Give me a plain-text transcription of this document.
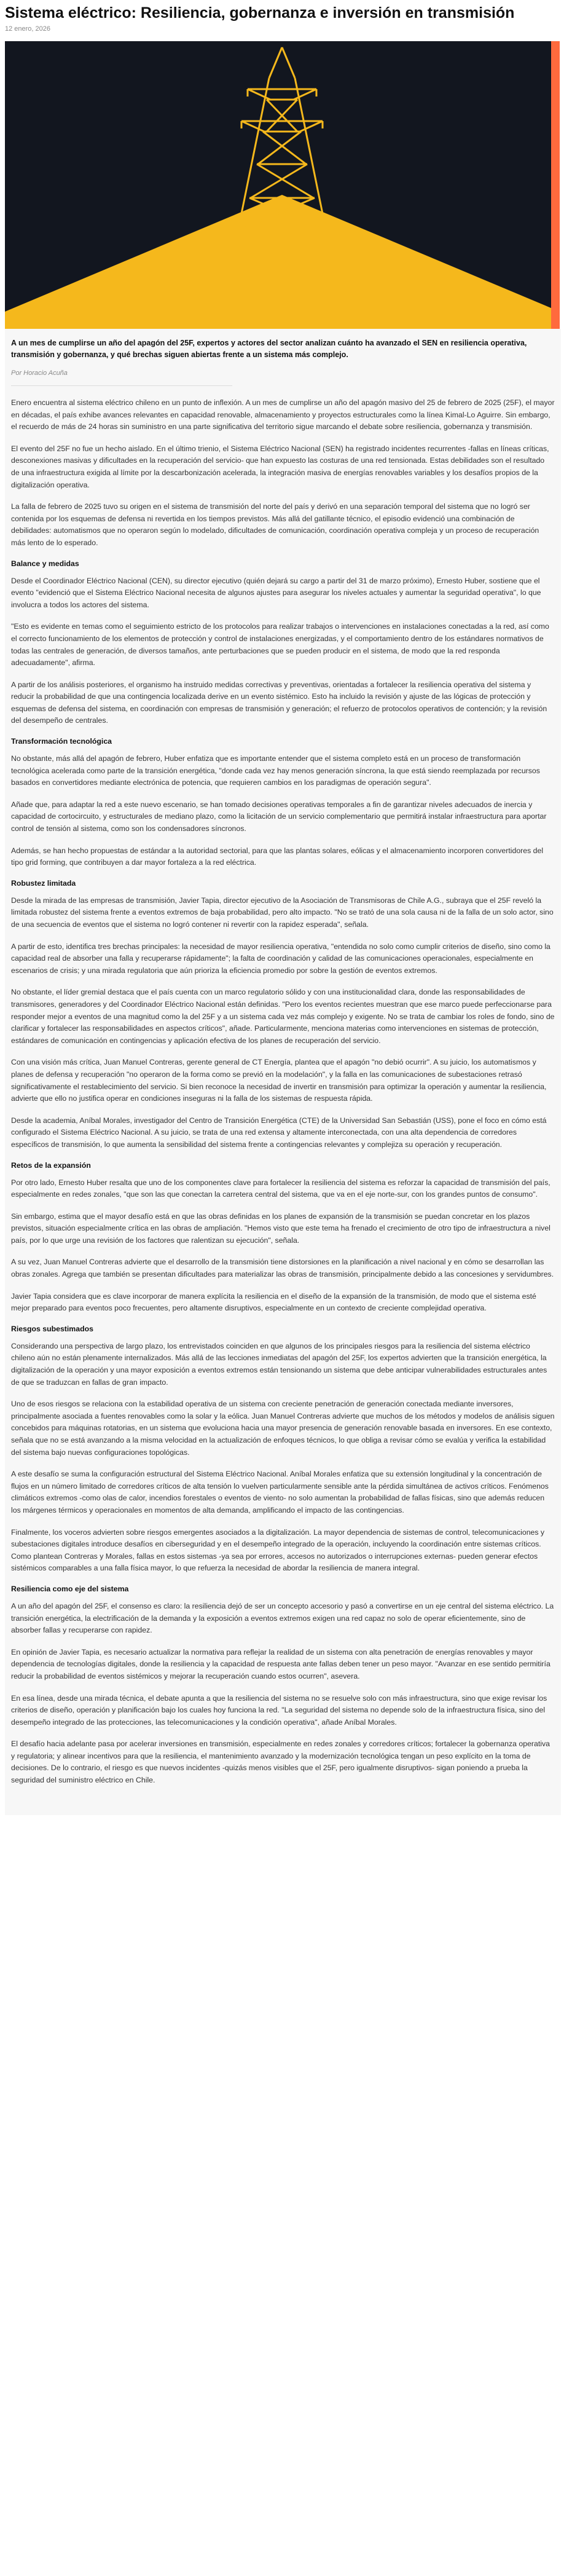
Sistema eléctrico: Resiliencia, gobernanza e inversión en transmisión
12 enero, 2026
A un mes de cumplirse un año del apagón del 25F, expertos y actores del sector analizan cuánto ha avanzado el SEN en resiliencia operativa, transmisión y gobernanza, y qué brechas siguen abiertas frente a un sistema más complejo.
Por Horacio Acuña

Enero encuentra al sistema eléctrico chileno en un punto de inflexión. A un mes de cumplirse un año del apagón masivo del 25 de febrero de 2025 (25F), el mayor en décadas, el país exhibe avances relevantes en capacidad renovable, almacenamiento y proyectos estructurales como la línea Kimal-Lo Aguirre. Sin embargo, el recuerdo de más de 24 horas sin suministro en una parte significativa del territorio sigue marcando el debate sobre resiliencia, gobernanza y transmisión.

El evento del 25F no fue un hecho aislado. En el último trienio, el Sistema Eléctrico Nacional (SEN) ha registrado incidentes recurrentes -fallas en líneas críticas, desconexiones masivas y dificultades en la recuperación del servicio- que han expuesto las costuras de una red tensionada. Estas debilidades son el resultado de una infraestructura exigida al límite por la descarbonización acelerada, la integración masiva de energías renovables variables y los desafíos propios de la digitalización operativa.

La falla de febrero de 2025 tuvo su origen en el sistema de transmisión del norte del país y derivó en una separación temporal del sistema que no logró ser contenida por los esquemas de defensa ni revertida en los tiempos previstos. Más allá del gatillante técnico, el episodio evidenció una combinación de debilidades: automatismos que no operaron según lo modelado, dificultades de comunicación, coordinación operativa compleja y un proceso de recuperación más lento de lo esperado.

Balance y medidas

Desde el Coordinador Eléctrico Nacional (CEN), su director ejecutivo (quién dejará su cargo a partir del 31 de marzo próximo), Ernesto Huber, sostiene que el evento "evidenció que el Sistema Eléctrico Nacional necesita de algunos ajustes para asegurar los niveles actuales y aumentar la seguridad operativa", lo que involucra a todos los actores del sistema.

"Esto es evidente en temas como el seguimiento estricto de los protocolos para realizar trabajos o intervenciones en instalaciones conectadas a la red, así como el correcto funcionamiento de los elementos de protección y control de instalaciones energizadas, y el comportamiento dentro de los estándares normativos de todas las centrales de generación, de diversos tamaños, ante perturbaciones que se pueden producir en el sistema, de modo que la red responda adecuadamente", afirma.

A partir de los análisis posteriores, el organismo ha instruido medidas correctivas y preventivas, orientadas a fortalecer la resiliencia operativa del sistema y reducir la probabilidad de que una contingencia localizada derive en un evento sistémico. Esto ha incluido la revisión y ajuste de las lógicas de protección y esquemas de defensa del sistema, en coordinación con empresas de transmisión y generación; el refuerzo de protocolos operativos de contención; y la revisión del desempeño de centrales.

Transformación tecnológica

No obstante, más allá del apagón de febrero, Huber enfatiza que es importante entender que el sistema completo está en un proceso de transformación tecnológica acelerada como parte de la transición energética, "donde cada vez hay menos generación síncrona, la que está siendo reemplazada por recursos basados en convertidores mediante electrónica de potencia, que requieren cambios en los paradigmas de operación segura".

Añade que, para adaptar la red a este nuevo escenario, se han tomado decisiones operativas temporales a fin de garantizar niveles adecuados de inercia y capacidad de cortocircuito, y estructurales de mediano plazo, como la licitación de un servicio complementario que permitirá instalar infraestructura para aportar control de tensión al sistema, como son los condensadores síncronos.

Además, se han hecho propuestas de estándar a la autoridad sectorial, para que las plantas solares, eólicas y el almacenamiento incorporen convertidores del tipo grid forming, que contribuyen a dar mayor fortaleza a la red eléctrica.

Robustez limitada

Desde la mirada de las empresas de transmisión, Javier Tapia, director ejecutivo de la Asociación de Transmisoras de Chile A.G., subraya que el 25F reveló la limitada robustez del sistema frente a eventos extremos de baja probabilidad, pero alto impacto. "No se trató de una sola causa ni de la falla de un solo actor, sino de una secuencia de eventos que el sistema no logró contener ni revertir con la rapidez esperada", señala.

A partir de esto, identifica tres brechas principales: la necesidad de mayor resiliencia operativa, "entendida no solo como cumplir criterios de diseño, sino como la capacidad real de absorber una falla y recuperarse rápidamente"; la falta de coordinación y calidad de las comunicaciones operacionales, especialmente en escenarios de crisis; y una mirada regulatoria que aún prioriza la eficiencia promedio por sobre la gestión de eventos extremos.

No obstante, el líder gremial destaca que el país cuenta con un marco regulatorio sólido y con una institucionalidad clara, donde las responsabilidades de transmisores, generadores y del Coordinador Eléctrico Nacional están definidas. "Pero los eventos recientes muestran que ese marco puede perfeccionarse para responder mejor a eventos de una magnitud como la del 25F y a un sistema cada vez más complejo y exigente. No se trata de cambiar los roles de fondo, sino de clarificar y fortalecer las responsabilidades en aspectos críticos", añade. Particularmente, menciona materias como intervenciones en sistemas de protección, estándares de comunicación en contingencias y aplicación efectiva de los planes de recuperación del servicio.

Con una visión más crítica, Juan Manuel Contreras, gerente general de CT Energía, plantea que el apagón "no debió ocurrir". A su juicio, los automatismos y planes de defensa y recuperación "no operaron de la forma como se previó en la modelación", y la falla en las comunicaciones de subestaciones retrasó significativamente el restablecimiento del servicio. Si bien reconoce la necesidad de invertir en transmisión para optimizar la operación y aumentar la resiliencia, advierte que ello no justifica operar en condiciones inseguras ni la falla de los sistemas de respuesta rápida.

Desde la academia, Aníbal Morales, investigador del Centro de Transición Energética (CTE) de la Universidad San Sebastián (USS), pone el foco en cómo está configurado el Sistema Eléctrico Nacional. A su juicio, se trata de una red extensa y altamente interconectada, con una alta dependencia de corredores específicos de transmisión, lo que aumenta la sensibilidad del sistema frente a contingencias relevantes y complejiza su operación y recuperación.

Retos de la expansión

Por otro lado, Ernesto Huber resalta que uno de los componentes clave para fortalecer la resiliencia del sistema es reforzar la capacidad de transmisión del país, especialmente en redes zonales, "que son las que conectan la carretera central del sistema, que va en el eje norte-sur, con los grandes puntos de consumo".

Sin embargo, estima que el mayor desafío está en que las obras definidas en los planes de expansión de la transmisión se puedan concretar en los plazos previstos, situación especialmente crítica en las obras de ampliación. "Hemos visto que este tema ha frenado el crecimiento de otro tipo de infraestructura a nivel país, por lo que urge una revisión de los factores que ralentizan su ejecución", señala.

A su vez, Juan Manuel Contreras advierte que el desarrollo de la transmisión tiene distorsiones en la planificación a nivel nacional y en cómo se desarrollan las obras zonales. Agrega que también se presentan dificultades para materializar las obras de transmisión, principalmente debido a las concesiones y servidumbres.

Javier Tapia considera que es clave incorporar de manera explícita la resiliencia en el diseño de la expansión de la transmisión, de modo que el sistema esté mejor preparado para eventos poco frecuentes, pero altamente disruptivos, especialmente en un contexto de creciente complejidad operativa.

Riesgos subestimados

Considerando una perspectiva de largo plazo, los entrevistados coinciden en que algunos de los principales riesgos para la resiliencia del sistema eléctrico chileno aún no están plenamente internalizados. Más allá de las lecciones inmediatas del apagón del 25F, los expertos advierten que la transición energética, la digitalización de la operación y una mayor exposición a eventos extremos están tensionando un sistema que debe anticipar vulnerabilidades estructurales antes de que se traduzcan en fallas de gran impacto.

Uno de esos riesgos se relaciona con la estabilidad operativa de un sistema con creciente penetración de generación conectada mediante inversores, principalmente asociada a fuentes renovables como la solar y la eólica. Juan Manuel Contreras advierte que muchos de los métodos y modelos de análisis siguen concebidos para máquinas rotatorias, en un sistema que evoluciona hacia una mayor presencia de generación renovable basada en inversores. En ese contexto, señala que no se está avanzando a la misma velocidad en la actualización de enfoques técnicos, lo que obliga a revisar cómo se evalúa y verifica la estabilidad del sistema bajo nuevas configuraciones topológicas.

A este desafío se suma la configuración estructural del Sistema Eléctrico Nacional. Aníbal Morales enfatiza que su extensión longitudinal y la concentración de flujos en un número limitado de corredores críticos de alta tensión lo vuelven particularmente sensible ante la pérdida simultánea de activos críticos. Fenómenos climáticos extremos -como olas de calor, incendios forestales o eventos de viento- no solo aumentan la probabilidad de fallas físicas, sino que además reducen los márgenes térmicos y operacionales en momentos de alta demanda, amplificando el impacto de las contingencias.

Finalmente, los voceros advierten sobre riesgos emergentes asociados a la digitalización. La mayor dependencia de sistemas de control, telecomunicaciones y subestaciones digitales introduce desafíos en ciberseguridad y en el desempeño integrado de la operación, incluyendo la coordinación entre sistemas críticos. Como plantean Contreras y Morales, fallas en estos sistemas -ya sea por errores, accesos no autorizados o interrupciones externas- pueden generar efectos sistémicos comparables a una falla física mayor, lo que refuerza la necesidad de abordar la resiliencia de manera integral.

Resiliencia como eje del sistema

A un año del apagón del 25F, el consenso es claro: la resiliencia dejó de ser un concepto accesorio y pasó a convertirse en un eje central del sistema eléctrico. La transición energética, la electrificación de la demanda y la exposición a eventos extremos exigen una red capaz no solo de operar eficientemente, sino de absorber fallas y recuperarse con rapidez.

En opinión de Javier Tapia, es necesario actualizar la normativa para reflejar la realidad de un sistema con alta penetración de energías renovables y mayor dependencia de tecnologías digitales, donde la resiliencia y la capacidad de respuesta ante fallas deben tener un peso mayor. "Avanzar en ese sentido permitiría reducir la probabilidad de eventos sistémicos y mejorar la recuperación cuando estos ocurren", asevera.

En esa línea, desde una mirada técnica, el debate apunta a que la resiliencia del sistema no se resuelve solo con más infraestructura, sino que exige revisar los criterios de diseño, operación y planificación bajo los cuales hoy funciona la red. "La seguridad del sistema no depende solo de la infraestructura física, sino del desempeño integrado de las protecciones, las telecomunicaciones y la condición operativa", añade Aníbal Morales.

El desafío hacia adelante pasa por acelerar inversiones en transmisión, especialmente en redes zonales y corredores críticos; fortalecer la gobernanza operativa y regulatoria; y alinear incentivos para que la resiliencia, el mantenimiento avanzado y la modernización tecnológica tengan un peso explícito en la toma de decisiones. De lo contrario, el riesgo es que nuevos incidentes -quizás menos visibles que el 25F, pero igualmente disruptivos- sigan poniendo a prueba la seguridad del suministro eléctrico en Chile.
